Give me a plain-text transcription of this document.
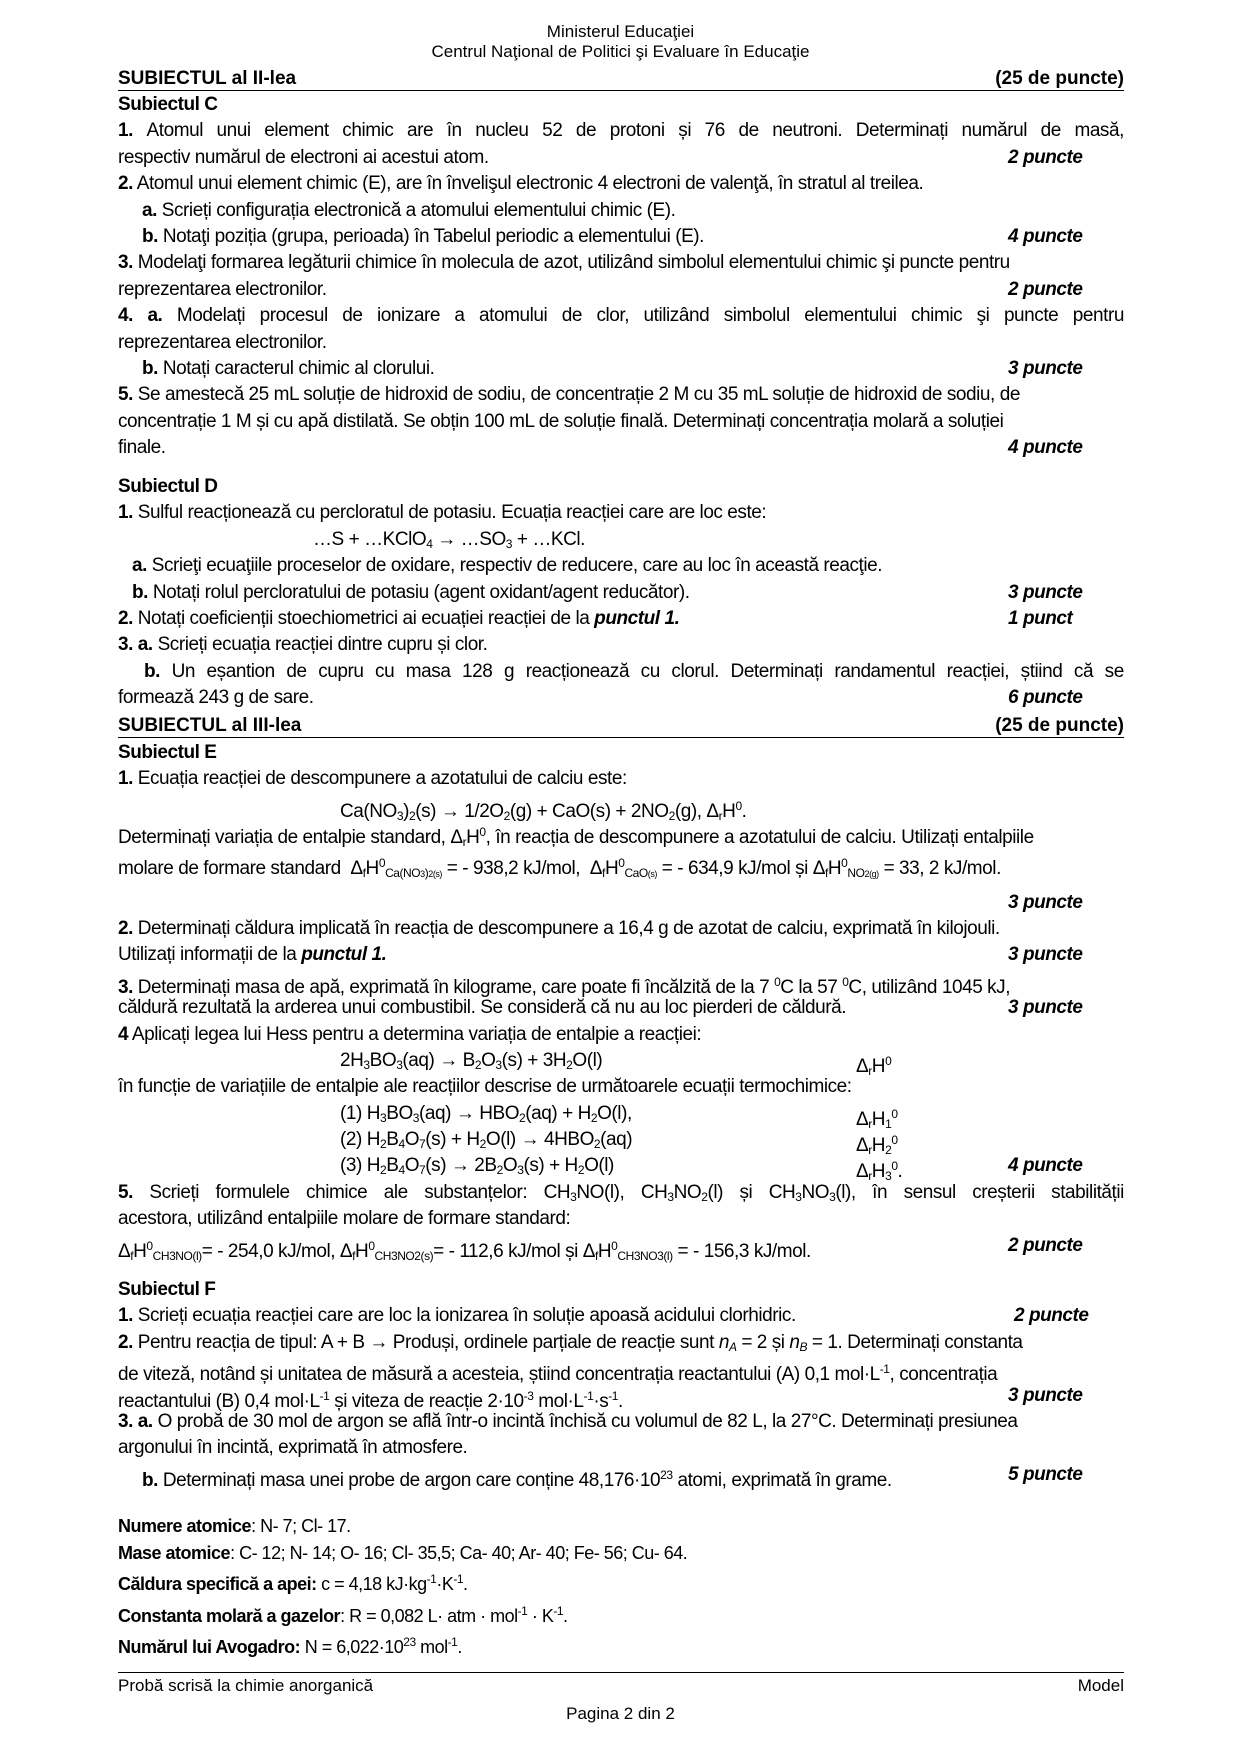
Ministerul Educaţiei
Centrul Naţional de Politici şi Evaluare în Educaţie
SUBIECTUL al II-lea	(25 de puncte)
Subiectul C
1. Atomul unui element chimic are în nucleu 52 de protoni și 76 de neutroni. Determinați numărul de masă,
respectiv numărul de electroni ai acestui atom.	2 puncte
2. Atomul unui element chimic (E), are în învelişul electronic 4 electroni de valenţă, în stratul al treilea.
a. Scrieți configurația electronică a atomului elementului chimic (E).
b. Notaţi poziția (grupa, perioada) în Tabelul periodic a elementului (E).	4 puncte
3. Modelaţi formarea legăturii chimice în molecula de azot, utilizând simbolul elementului chimic şi puncte pentru
reprezentarea electronilor.	2 puncte
4. a. Modelați procesul de ionizare a atomului de clor, utilizând simbolul elementului chimic şi puncte pentru
reprezentarea electronilor.
b. Notați caracterul chimic al clorului.	3 puncte
5. Se amestecă 25 mL soluție de hidroxid de sodiu, de concentrație 2 M cu 35 mL soluție de hidroxid de sodiu, de
concentrație 1 M și cu apă distilată. Se obțin 100 mL de soluție finală. Determinați concentrația molară a soluției
finale.	4 puncte
Subiectul D
1. Sulful reacționează cu percloratul de potasiu. Ecuația reacției care are loc este:
…S + …KClO$_4$ → $\dots SO_3$ + …KCl.
a. Scrieţi ecuaţiile proceselor de oxidare, respectiv de reducere, care au loc în această reacţie.
b. Notați rolul percloratului de potasiu (agent oxidant/agent reducător).	3 puncte
2. Notați coeficienții stoechiometrici ai ecuației reacției de la punctul 1.	1 punct
3. a. Scrieți ecuația reacției dintre cupru și clor.
b. Un eșantion de cupru cu masa 128 g reacționează cu clorul. Determinați randamentul reacției, știind că se
formează 243 g de sare.	6 puncte
SUBIECTUL al III-lea	(25 de puncte)
Subiectul E
1. Ecuația reacției de descompunere a azotatului de calciu este:
$Ca(NO_3)_2(s) \to 1/2O_2(g) + CaO(s) + 2NO_2(g)$, $\Delta_rH^0$.
Determinați variația de entalpie standard, $\Delta_rH^0$, în reacția de descompunere a azotatului de calciu. Utilizați entalpiile
molare de formare standard  $\Delta_fH^0_{Ca(NO3)2(s)}$ = - 938,2 kJ/mol,  $\Delta_fH^0_{CaO(s)}$ = - 634,9 kJ/mol și $\Delta_fH^0_{NO2(g)} = 33$, 2 kJ/mol.
3 puncte
2. Determinați căldura implicată în reacția de descompunere a 16,4 g de azotat de calciu, exprimată în kilojouli.
Utilizați informații de la punctul 1.	3 puncte
3. Determinați masa de apă, exprimată în kilograme, care poate fi încălzită de la 7 $^0$C la 57 $^0$C, utilizând 1045 kJ,
căldură rezultată la arderea unui combustibil. Se consideră că nu au loc pierderi de căldură.	3 puncte
4 Aplicați legea lui Hess pentru a determina variația de entalpie a reacției:
$2H_3BO_3(aq) \to B_2O_3(s) + 3H_2O(l)$	$\Delta_rH^0$
în funcție de variațiile de entalpie ale reacțiilor descrise de următoarele ecuații termochimice:
(1) $H_3BO_3(aq) \to HBO_2(aq) + H_2O(l)$,	$\Delta_rH_1^0$
(2) $H_2B_4O_7(s) + H_2O(l) \to 4HBO_2(aq)$	$\Delta_rH_2^0$
(3) $H_2B_4O_7(s) \to 2B_2O_3(s) + H_2O(l)$	$\Delta_rH_3^0$.	4 puncte
5. Scrieți formulele chimice ale substanțelor: $CH_3NO(l)$, $CH_3NO_2(l)$ și $CH_3NO_3(l)$, în sensul creșterii stabilității
acestora, utilizând entalpiile molare de formare standard:
$\Delta_fH^0_{CH3NO(l)}= - 254,0$ kJ/mol, $\Delta_fH^0_{CH3NO2(s)}= - 112,6$ kJ/mol și $\Delta_fH^0_{CH3NO3(l)}$ = - 156,3 kJ/mol.	2 puncte
Subiectul F
1. Scrieți ecuația reacției care are loc la ionizarea în soluție apoasă acidului clorhidric.	2 puncte
2. Pentru reacția de tipul: A + B → Produși, ordinele parțiale de reacție sunt $n_A = 2$ și $n_B = 1$. Determinați constanta
de viteză, notând și unitatea de măsură a acesteia, știind concentrația reactantului (A) 0,1 $mol\cdot L^{-1}$, concentrația
reactantului (B) 0,4 $mol\cdot L^{-1}$ și viteza de reacție $2\cdot 10^{-3}$ $mol\cdot L^{-1}\cdot s^{-1}$.	3 puncte
3. a. O probă de 30 mol de argon se află într-o incintă închisă cu volumul de 82 L, la 27°C. Determinați presiunea
argonului în incintă, exprimată în atmosfere.
b. Determinați masa unei probe de argon care conține $48,176\cdot 10^{23}$ atomi, exprimată în grame.	5 puncte
Numere atomice: N- 7; Cl- 17.
Mase atomice: C- 12; N- 14; O- 16; Cl- 35,5; Ca- 40; Ar- 40; Fe- 56; Cu- 64.
Căldura specifică a apei: c = 4,18 $kJ\cdot kg^{-1}\cdot K^{-1}$.
Constanta molară a gazelor: R = 0,082 L· atm · $mol^{-1} \cdot K^{-1}$.
Numărul lui Avogadro: $N = 6,022\cdot 10^{23}$ mol$^{-1}$.
Probă scrisă la chimie anorganică	Model
Pagina 2 din 2
